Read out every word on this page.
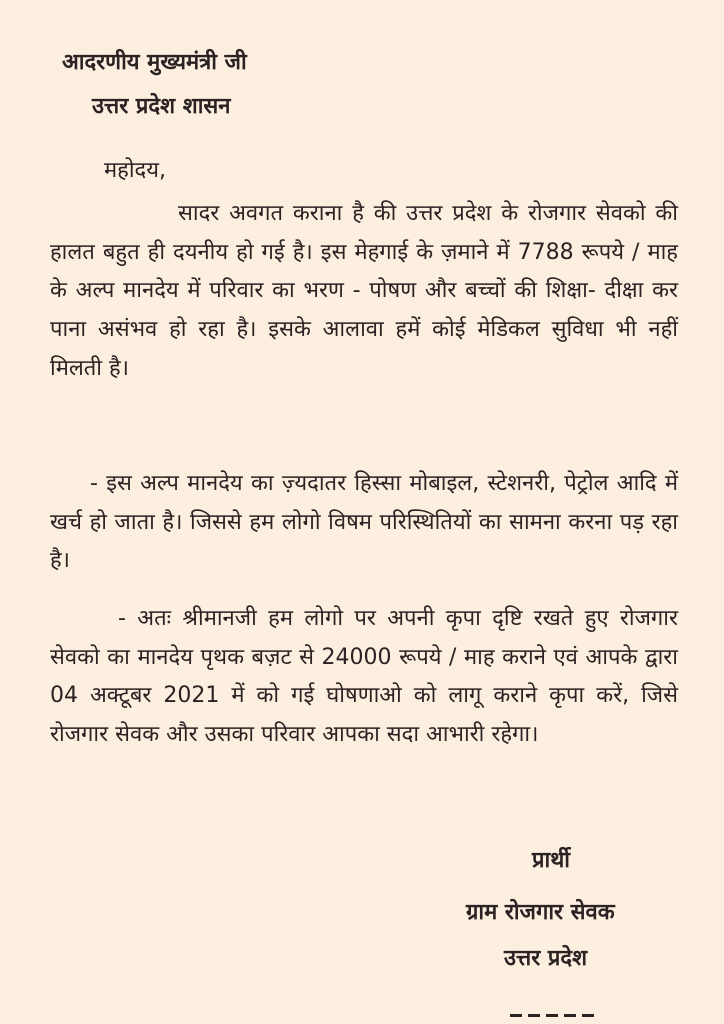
आदरणीय मुख्यमंत्री जी
उत्तर प्रदेश शासन
महोदय,

सादर अवगत कराना है की उत्तर प्रदेश के रोजगार सेवको की हालत बहुत ही दयनीय हो गई है। इस मेहगाई के ज़माने में 7788 रूपये / माह के अल्प मानदेय में परिवार का भरण - पोषण और बच्चों की शिक्षा- दीक्षा कर पाना असंभव हो रहा है। इसके आलावा हमें कोई मेडिकल सुविधा भी नहीं मिलती है।

- इस अल्प मानदेय का ज़्यदातर हिस्सा मोबाइल, स्टेशनरी, पेट्रोल आदि में खर्च हो जाता है। जिससे हम लोगो विषम परिस्थितियों का सामना करना पड़ रहा है।

- अतः श्रीमानजी हम लोगो पर अपनी कृपा दृष्टि रखते हुए रोजगार सेवको का मानदेय पृथक बज़ट से 24000 रूपये / माह कराने एवं आपके द्वारा 04 अक्टूबर 2021 में को गई घोषणाओ को लागू कराने कृपा करें, जिसे रोजगार सेवक और उसका परिवार आपका सदा आभारी रहेगा।

प्रार्थी
ग्राम रोजगार सेवक
उत्तर प्रदेश
